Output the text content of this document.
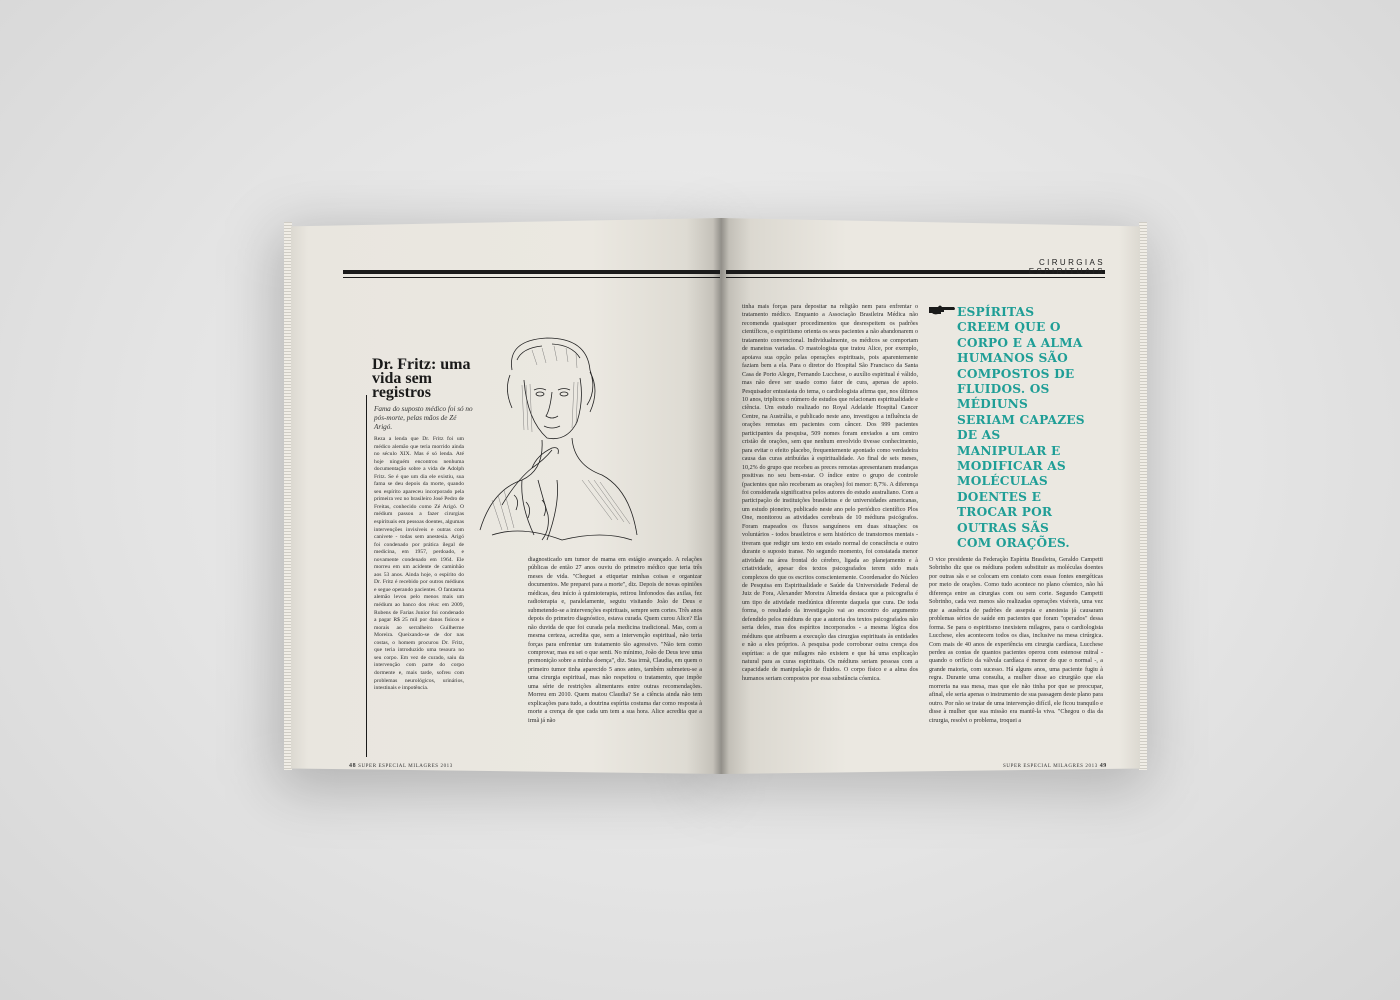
CIRURGIAS ESPIRITUAIS
Dr. Fritz: uma vida sem registros
Fama do suposto médico foi só no pós-morte, pelas mãos de Zé Arigó.
Reza a lenda que Dr. Fritz foi um médico alemão que teria morrido ainda no século XIX. Mas é só lenda. Até hoje ninguém encontrou nenhuma documentação sobre a vida de Adolph Fritz. Se é que um dia ele existiu, sua fama se deu depois da morte, quando seu espírito apareceu incorporado pela primeira vez no brasileiro José Pedro de Freitas, conhecido como Zé Arigó. O médium passou a fazer cirurgias espirituais em pessoas doentes, algumas intervenções invisíveis e outras com canivete - todas sem anestesia. Arigó foi condenado por prática ilegal de medicina, em 1957, perdoado, e novamente condenado em 1964. Ele morreu em um acidente de caminhão aos 53 anos. Ainda hoje, o espírito do Dr. Fritz é recebido por outros médiuns e segue operando pacientes. O fantasma alemão levou pelo menos mais um médium ao banco dos réus: em 2009, Rubens de Farias Junior foi condenado a pagar R$ 25 mil por danos físicos e morais ao serralheiro Guilherme Moreira. Queixando-se de dor nas costas, o homem procurou Dr. Fritz, que teria introduzido uma tesoura no seu corpo. Em vez de curado, saiu da intervenção com parte do corpo dormente e, mais tarde, sofreu com problemas neurológicos, urinários, intestinais e impotência.
diagnosticado um tumor de mama em estágio avançado. A relações públicas de então 27 anos ouviu do primeiro médico que teria três meses de vida. "Cheguei a etiquetar minhas coisas e organizar documentos. Me preparei para a morte", diz. Depois de novas opiniões médicas, deu início à quimioterapia, retirou linfonodos das axilas, fez radioterapia e, paralelamente, seguiu visitando João de Deus e submetendo-se a intervenções espirituais, sempre sem cortes. Três anos depois do primeiro diagnóstico, estava curada. Quem curou Alice? Ela não duvida de que foi curada pela medicina tradicional. Mas, com a mesma certeza, acredita que, sem a intervenção espiritual, não teria forças para enfrentar um tratamento tão agressivo. "Não tem como comprovar, mas eu sei o que senti. No mínimo, João de Deus teve uma premonição sobre a minha doença", diz. Sua irmã, Claudia, em quem o primeiro tumor tinha aparecido 5 anos antes, também submeteu-se a uma cirurgia espiritual, mas não respeitou o tratamento, que impõe uma série de restrições alimentares entre outras recomendações. Morreu em 2010. Quem matou Claudia? Se a ciência ainda não tem explicações para tudo, a doutrina espírita costuma dar como resposta à morte a crença de que cada um tem a sua hora. Alice acredita que a irmã já não
tinha mais forças para depositar na religião nem para enfrentar o tratamento médico. Enquanto a Associação Brasileira Médica não recomenda quaisquer procedimentos que desrespeitem os padrões científicos, o espiritismo orienta os seus pacientes a não abandonarem o tratamento convencional. Individualmente, os médicos se comportam de maneiras variadas. O mastologista que tratou Alice, por exemplo, apoiava sua opção pelas operações espirituais, pois aparentemente faziam bem a ela. Para o diretor do Hospital São Francisco da Santa Casa de Porto Alegre, Fernando Lucchese, o auxílio espiritual é válido, mas não deve ser usado como fator de cura, apenas de apoio. Pesquisador entusiasta do tema, o cardiologista afirma que, nos últimos 10 anos, triplicou o número de estudos que relacionam espiritualidade e ciência. Um estudo realizado no Royal Adelaide Hospital Cancer Centre, na Austrália, e publicado neste ano, investigou a influência de orações remotas em pacientes com câncer. Dos 999 pacientes participantes da pesquisa, 509 nomes foram enviados a um centro cristão de orações, sem que nenhum envolvido tivesse conhecimento, para evitar o efeito placebo, frequentemente apontado como verdadeira causa das curas atribuídas à espiritualidade. Ao final de seis meses, 10,2% do grupo que recebeu as preces remotas apresentaram mudanças positivas no seu bem-estar. O índice entre o grupo de controle (pacientes que não receberam as orações) foi menor: 8,7%. A diferença foi considerada significativa pelos autores do estudo australiano. Com a participação de instituições brasileiras e de universidades americanas, um estudo pioneiro, publicado neste ano pelo periódico científico Plos One, monitorou as atividades cerebrais de 10 médiuns psicógrafos. Foram mapeados os fluxos sanguíneos em duas situações: os voluntários - todos brasileiros e sem histórico de transtornos mentais - tiveram que redigir um texto em estado normal de consciência e outro durante o suposto transe. No segundo momento, foi constatada menor atividade na área frontal do cérebro, ligada ao planejamento e à criatividade, apesar dos textos psicografados terem sido mais complexos do que os escritos conscientemente. Coordenador do Núcleo de Pesquisa em Espiritualidade e Saúde da Universidade Federal de Juiz de Fora, Alexander Moreira Almeida destaca que a psicografia é um tipo de atividade mediúnica diferente daquela que cura. De toda forma, o resultado da investigação vai ao encontro do argumento defendido pelos médiuns de que a autoria dos textos psicografados não seria deles, mas dos espíritos incorporados - a mesma lógica dos médiuns que atribuem a execução das cirurgias espirituais às entidades e não a eles próprios. A pesquisa pode corroborar outra crença dos espíritas: a de que milagres não existem e que há uma explicação natural para as curas espirituais. Os médiuns seriam pessoas com a capacidade de manipulação de fluidos. O corpo físico e a alma dos humanos seriam compostos por essa substância cósmica.
ESPÍRITAS CREEM QUE O CORPO E A ALMA HUMANOS SÃO COMPOSTOS DE FLUIDOS. OS MÉDIUNS SERIAM CAPAZES DE AS MANIPULAR E MODIFICAR AS MOLÉCULAS DOENTES E TROCAR POR OUTRAS SÃS COM ORAÇÕES.
O vice presidente da Federação Espírita Brasileira, Geraldo Campetti Sobrinho diz que os médiuns podem substituir as moléculas doentes por outras sãs e se colocam em contato com essas fontes energéticas por meio de orações. Como tudo acontece no plano cósmico, não há diferença entre as cirurgias com ou sem corte. Segundo Campetti Sobrinho, cada vez menos são realizadas operações visíveis, uma vez que a ausência de padrões de assepsia e anestesia já causaram problemas sérios de saúde em pacientes que foram "operados" dessa forma. Se para o espiritismo inexistem milagres, para o cardiologista Lucchese, eles acontecem todos os dias, inclusive na mesa cirúrgica. Com mais de 40 anos de experiência em cirurgia cardíaca, Lucchese perdeu as contas de quantos pacientes operou com estenose mitral - quando o orifício da válvula cardíaca é menor do que o normal -, a grande maioria, com sucesso. Há alguns anos, uma paciente fugiu à regra. Durante uma consulta, a mulher disse ao cirurgião que ela morreria na sua mesa, mas que ele não tinha por que se preocupar, afinal, ele seria apenas o instrumento de sua passagem deste plano para outro. Por não se tratar de uma intervenção difícil, ele ficou tranquilo e disse à mulher que sua missão era mantê-la viva. "Chegou o dia da cirurgia, resolvi o problema, troquei a
48 SUPER ESPECIAL MILAGRES 2013	SUPER ESPECIAL MILAGRES 2013 49
